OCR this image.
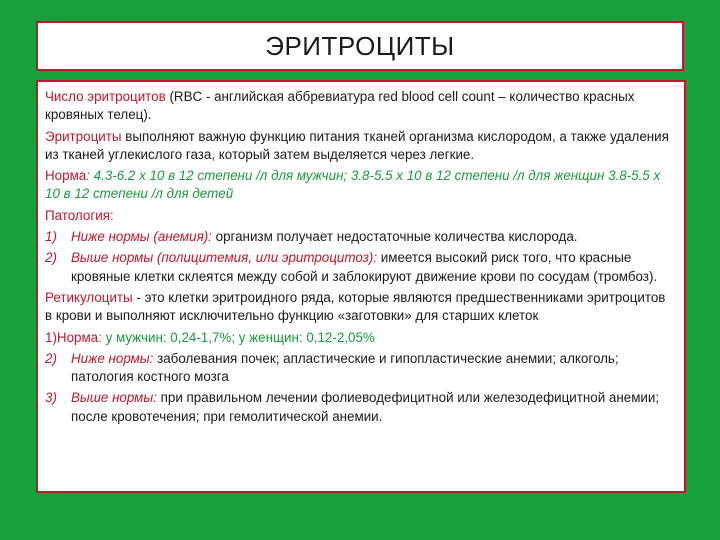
ЭРИТРОЦИТЫ

Число эритроцитов (RBC - английская аббревиатура red blood cell count – количество красных кровяных телец).

Эритроциты выполняют важную функцию питания тканей организма кислородом, а также удаления из тканей углекислого газа, который затем выделяется через легкие.

Норма: 4.3-6.2 х 10 в 12 степени /л для мужчин; 3.8-5.5 х 10 в 12 степени /л для женщин 3.8-5.5 х 10 в 12 степени /л для детей

Патология:

1)	Ниже нормы (анемия): организм получает недостаточные количества кислорода.
2)	Выше нормы (полицитемия, или эритроцитоз): имеется высокий риск того, что красные кровяные клетки склеятся между собой и заблокируют движение крови по сосудам (тромбоз).

Ретикулоциты - это клетки эритроидного ряда, которые являются предшественниками эритроцитов в крови и выполняют исключительно функцию «заготовки» для старших клеток

1)Норма: у мужчин: 0,24-1,7%; у женщин: 0,12-2,05%

2)	Ниже нормы: заболевания почек; апластические и гипопластические анемии; алкоголь; патология костного мозга
3)	Выше нормы: при правильном лечении фолиеводефицитной или железодефицитной анемии; после кровотечения; при гемолитической анемии.
